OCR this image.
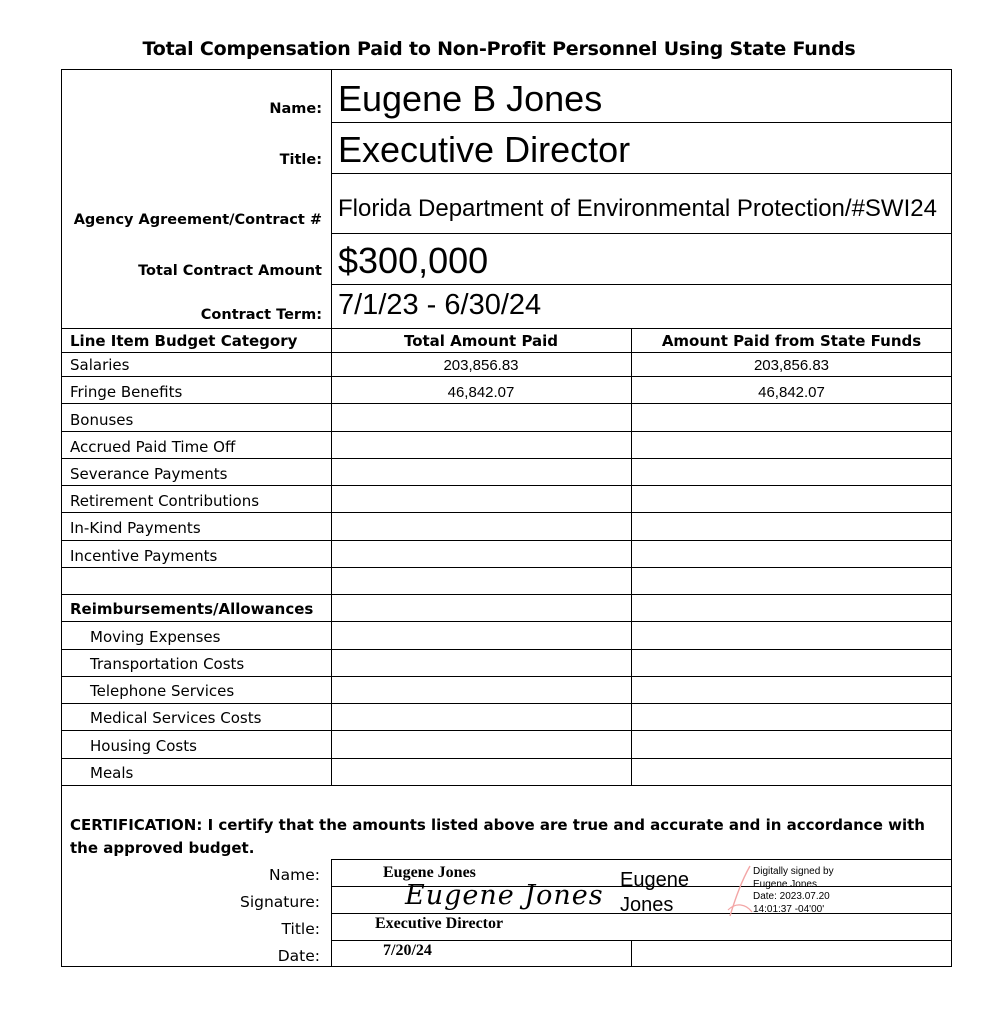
Total Compensation Paid to Non-Profit Personnel Using State Funds
Name: Eugene B Jones
Title: Executive Director
Agency Agreement/Contract # Florida Department of Environmental Protection/#SWI24
Total Contract Amount $300,000
Contract Term: 7/1/23 - 6/30/24
Line Item Budget Category	Total Amount Paid	Amount Paid from State Funds
Salaries	203,856.83	203,856.83
Fringe Benefits	46,842.07	46,842.07
Bonuses
Accrued Paid Time Off
Severance Payments
Retirement Contributions
In-Kind Payments
Incentive Payments
Reimbursements/Allowances
Moving Expenses
Transportation Costs
Telephone Services
Medical Services Costs
Housing Costs
Meals
CERTIFICATION: I certify that the amounts listed above are true and accurate and in accordance with the approved budget.
Name:	Eugene Jones
Signature:	Eugene Jones
Title:	Executive Director
Date:	7/20/24
Eugene Jones
Digitally signed by
Eugene Jones
Date: 2023.07.20
14:01:37 -04'00'
